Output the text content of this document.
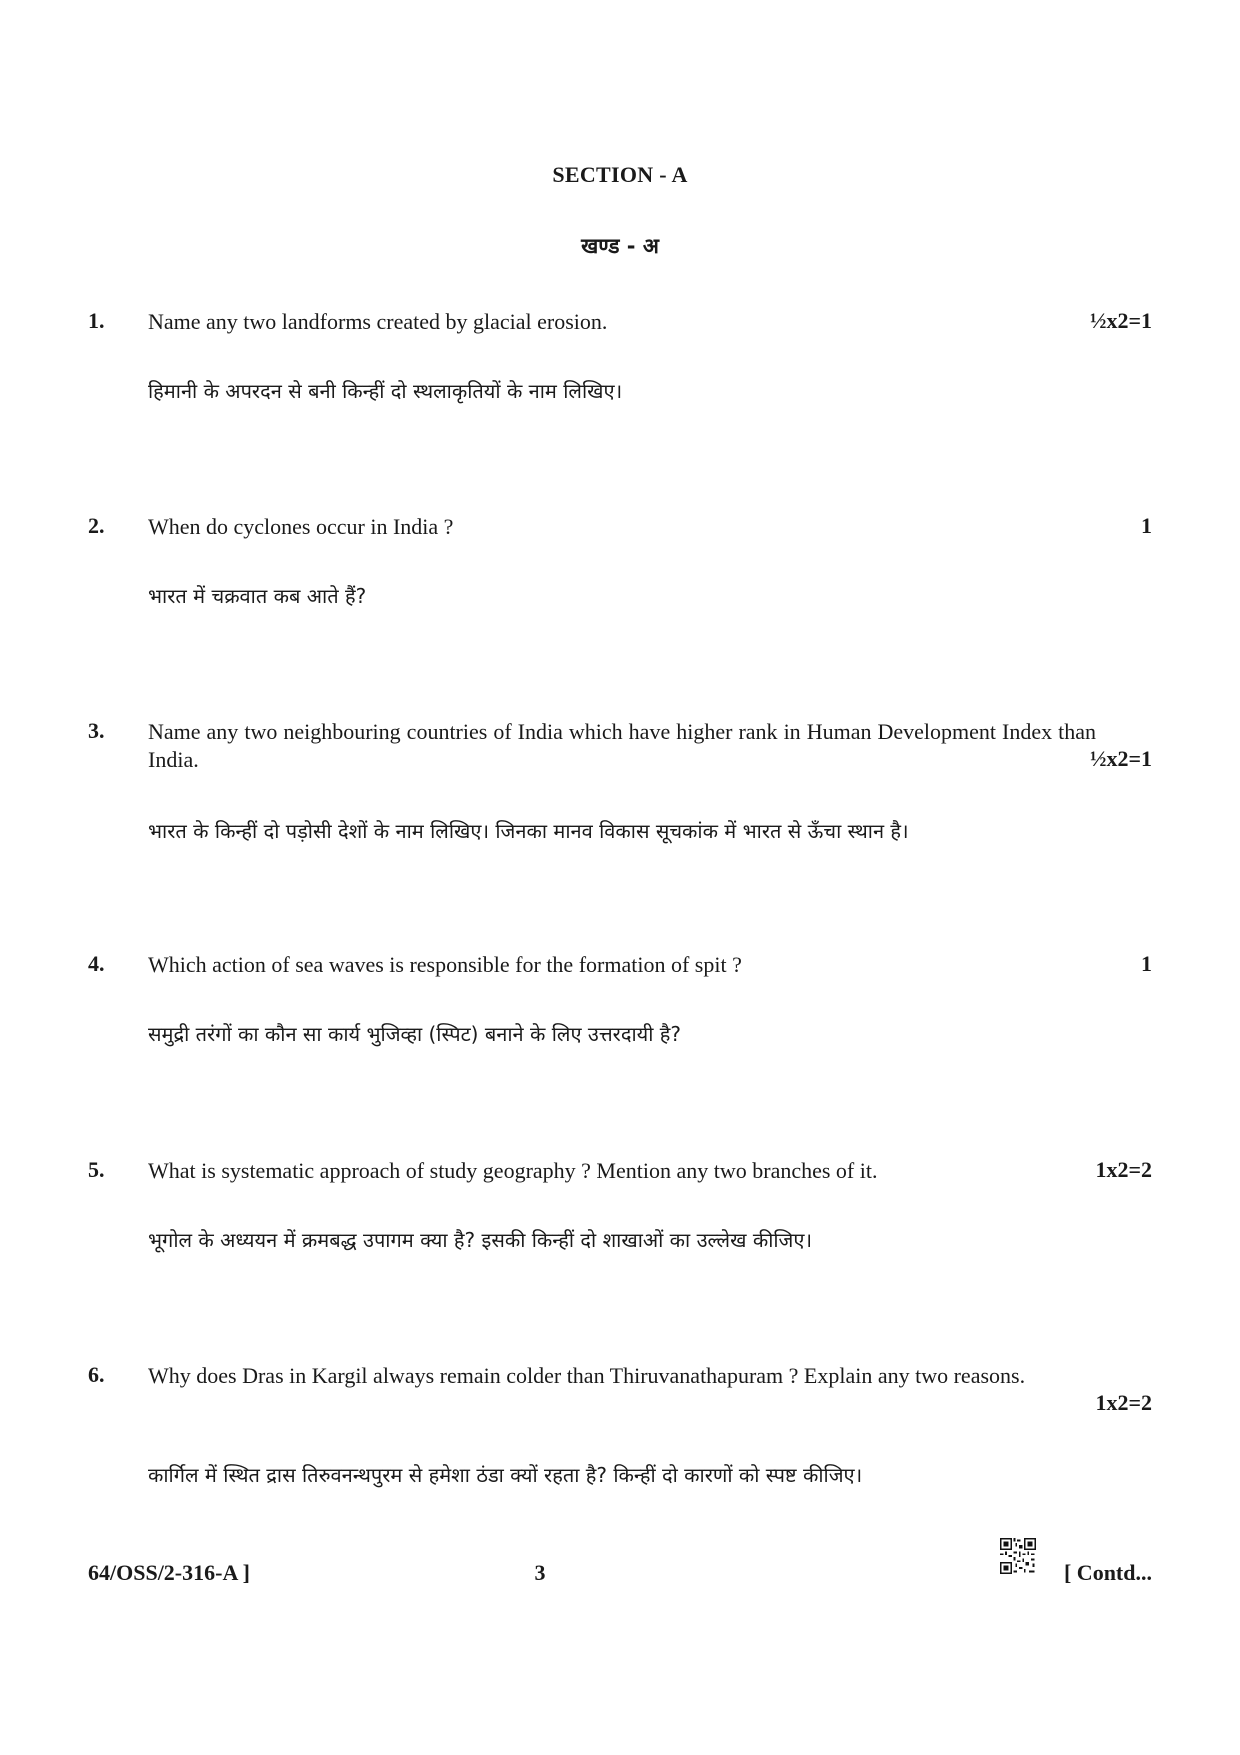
SECTION - A
खण्ड - अ
1. Name any two landforms created by glacial erosion.	½x2=1
हिमानी के अपरदन से बनी किन्हीं दो स्थलाकृतियों के नाम लिखिए।
2. When do cyclones occur in India ?	1
भारत में चक्रवात कब आते हैं?
3. Name any two neighbouring countries of India which have higher rank in Human Development Index than India.	½x2=1
भारत के किन्हीं दो पड़ोसी देशों के नाम लिखिए। जिनका मानव विकास सूचकांक में भारत से ऊँचा स्थान है।
4. Which action of sea waves is responsible for the formation of spit ?	1
समुद्री तरंगों का कौन सा कार्य भुजिव्हा (स्पिट) बनाने के लिए उत्तरदायी है?
5. What is systematic approach of study geography ? Mention any two branches of it.	1x2=2
भूगोल के अध्ययन में क्रमबद्ध उपागम क्या है? इसकी किन्हीं दो शाखाओं का उल्लेख कीजिए।
6. Why does Dras in Kargil always remain colder than Thiruvanathapuram ? Explain any two reasons.
1x2=2
कार्गिल में स्थित द्रास तिरुवनन्थपुरम से हमेशा ठंडा क्यों रहता है? किन्हीं दो कारणों को स्पष्ट कीजिए।
64/OSS/2-316-A ]	3	[ Contd...
